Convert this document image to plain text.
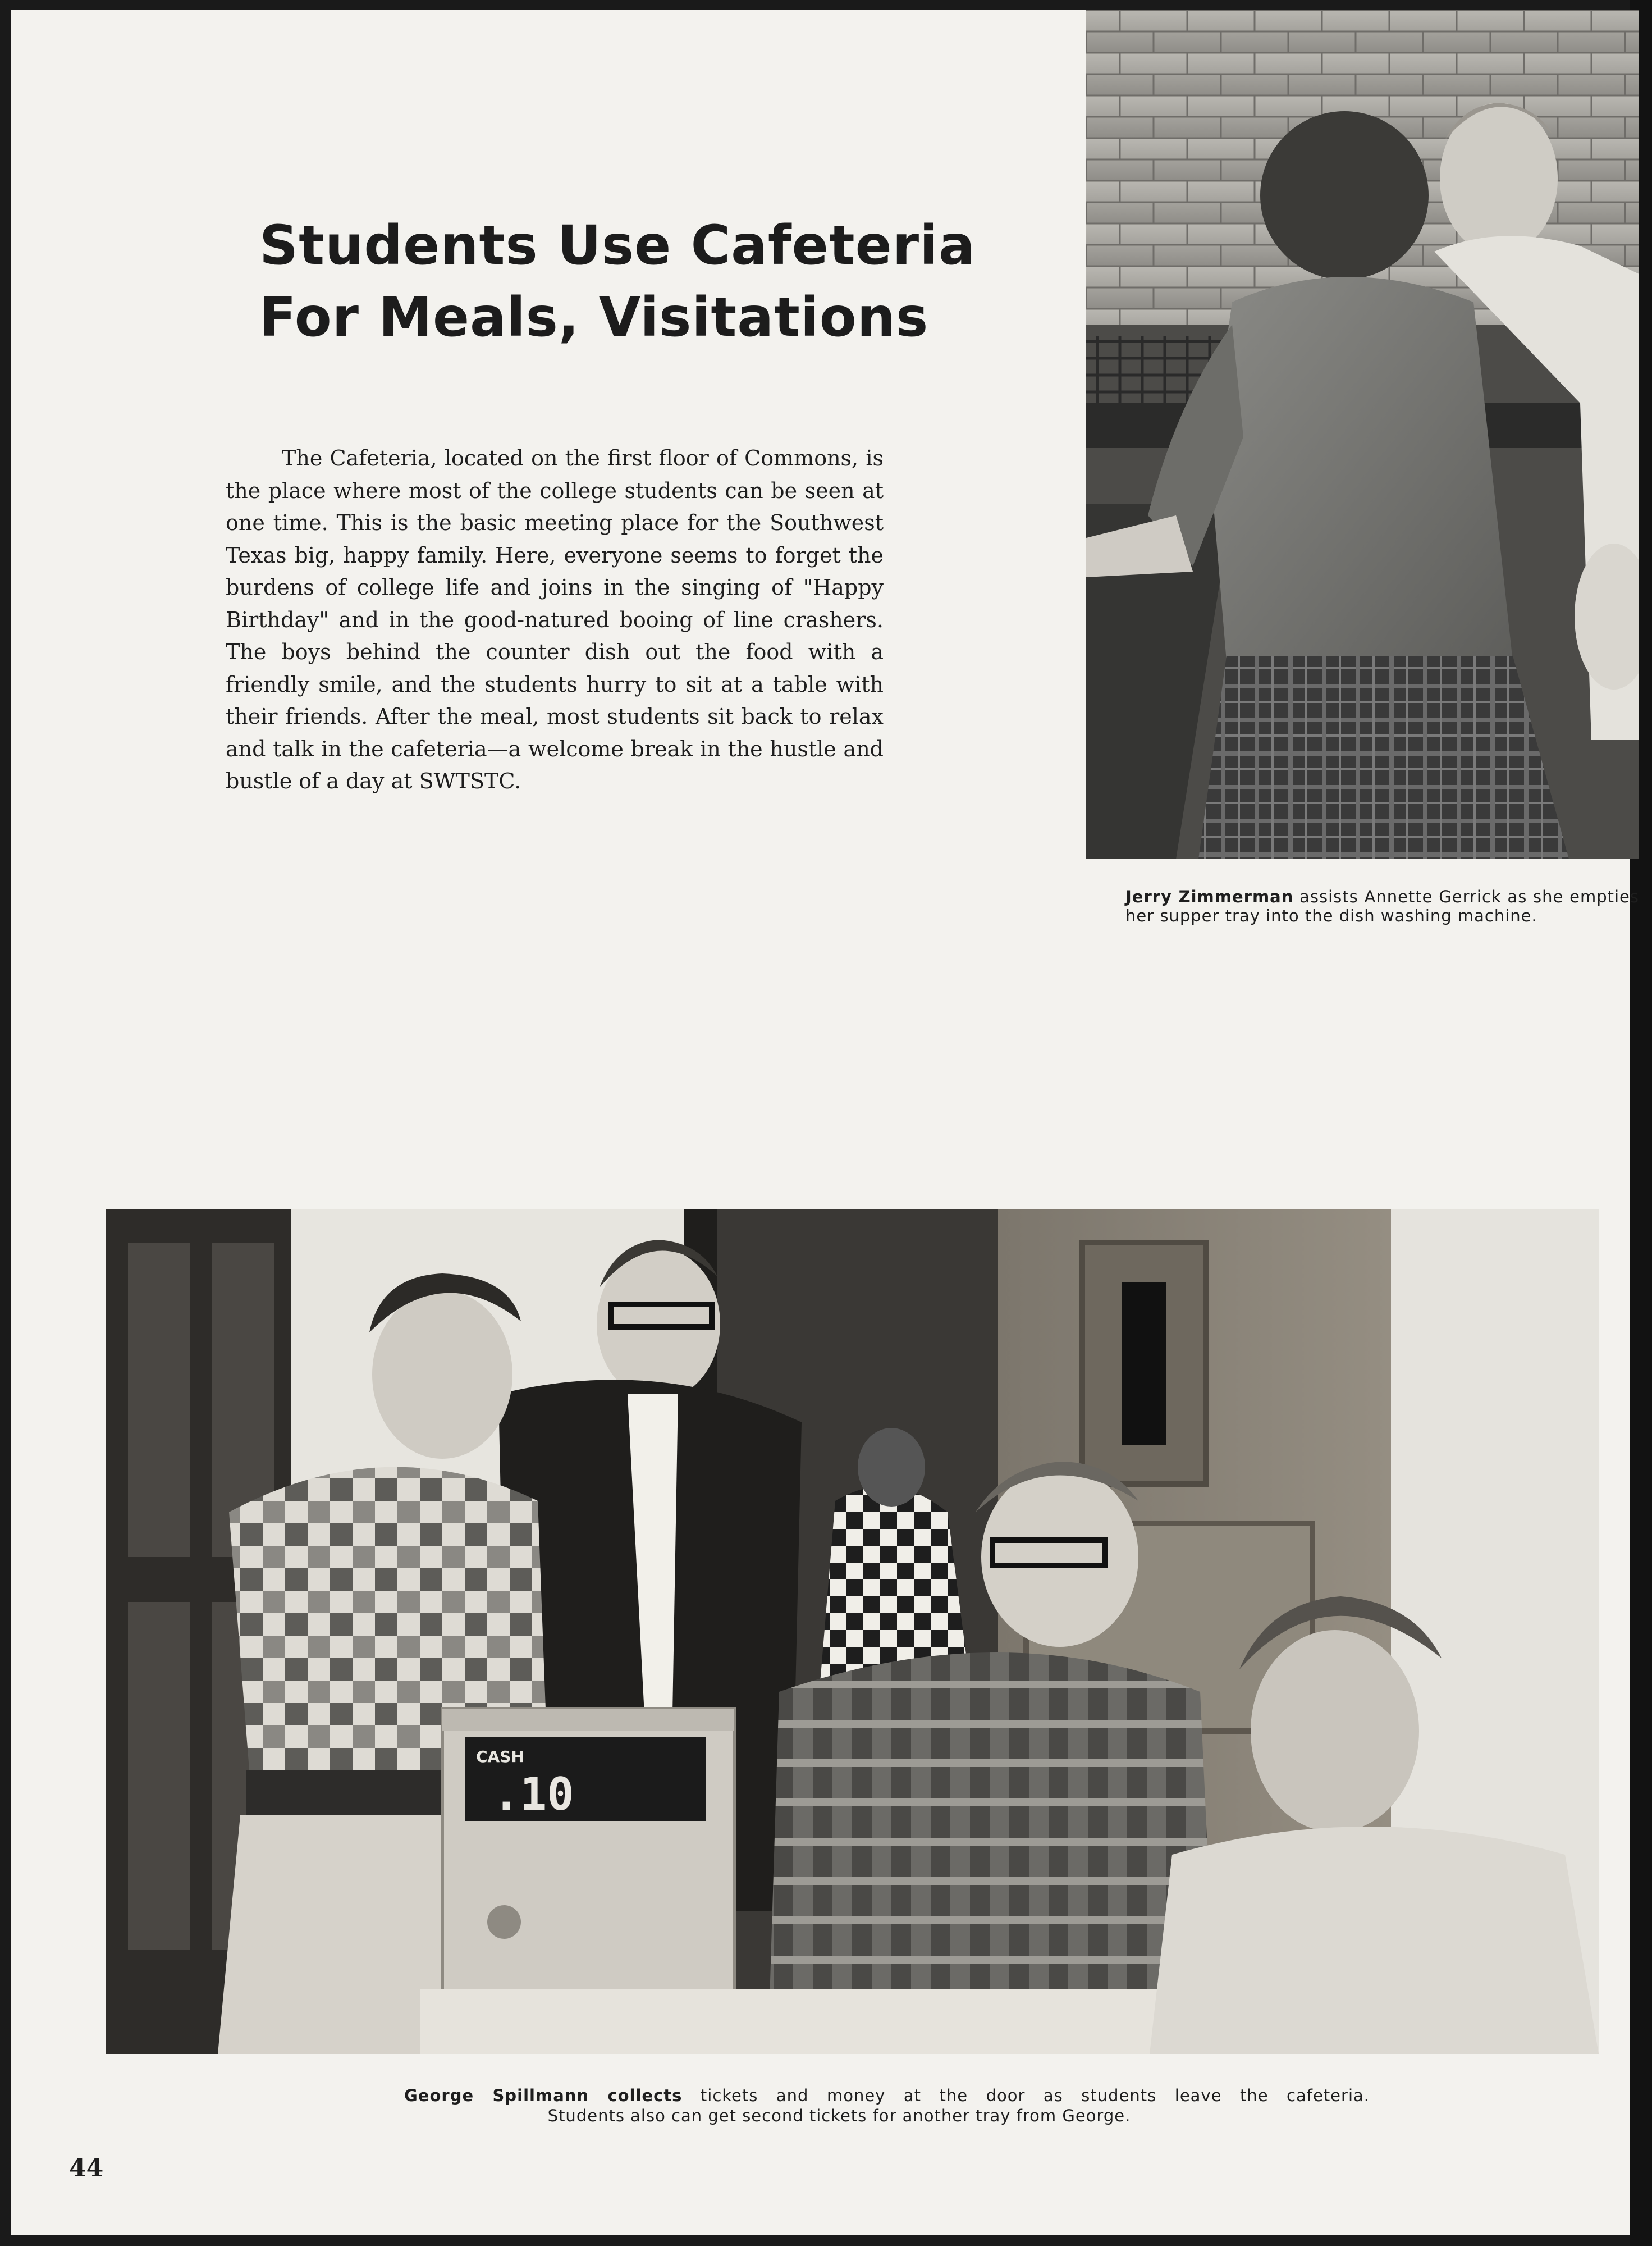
Students Use Cafeteria
For Meals, Visitations

The Cafeteria, located on the first floor of Commons, is the place where most of the college students can be seen at one time. This is the basic meeting place for the Southwest Texas big, happy family. Here, everyone seems to forget the burdens of college life and joins in the singing of "Happy Birthday" and in the good-natured booing of line crashers. The boys behind the counter dish out the food with a friendly smile, and the students hurry to sit at a table with their friends. After the meal, most students sit back to relax and talk in the cafeteria—a welcome break in the hustle and bustle of a day at SWTSTC.

Jerry Zimmerman assists Annette Gerrick as she empties her supper tray into the dish washing machine.
CASH
.10
George Spillmann collects tickets and money at the door as students leave the cafeteria.
Students also can get second tickets for another tray from George.
44
